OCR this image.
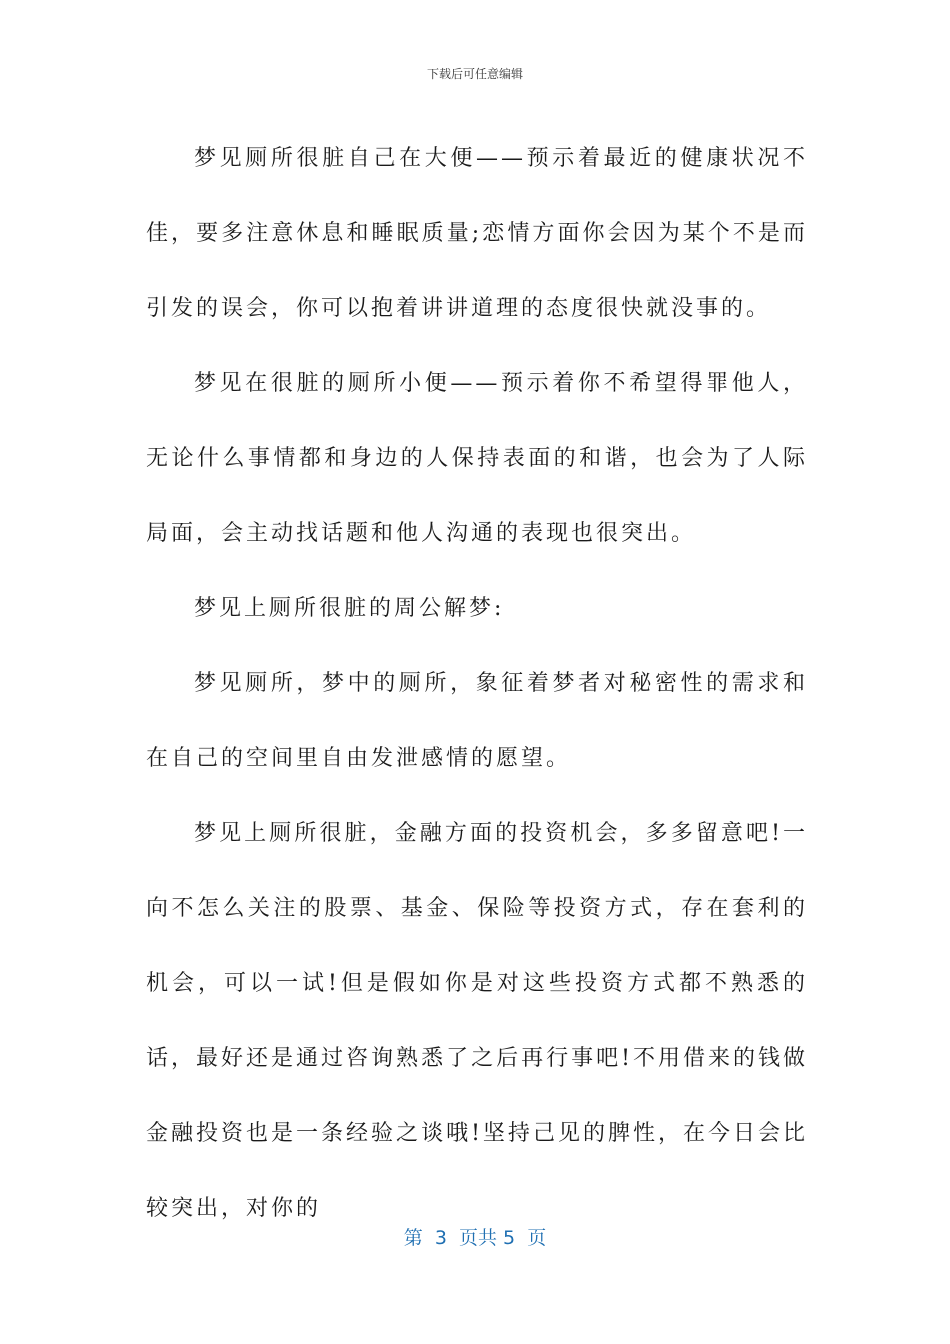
下载后可任意编辑

梦见厕所很脏自己在大便——预示着最近的健康状况不佳，要多注意休息和睡眠质量;恋情方面你会因为某个不是而引发的误会，你可以抱着讲讲道理的态度很快就没事的。

梦见在很脏的厕所小便——预示着你不希望得罪他人，无论什么事情都和身边的人保持表面的和谐，也会为了人际局面，会主动找话题和他人沟通的表现也很突出。

梦见上厕所很脏的周公解梦:

梦见厕所，梦中的厕所，象征着梦者对秘密性的需求和在自己的空间里自由发泄感情的愿望。

梦见上厕所很脏，金融方面的投资机会，多多留意吧!一向不怎么关注的股票、基金、保险等投资方式，存在套利的机会，可以一试!但是假如你是对这些投资方式都不熟悉的话，最好还是通过咨询熟悉了之后再行事吧!不用借来的钱做金融投资也是一条经验之谈哦!坚持己见的脾性，在今日会比较突出，对你的

第  3  页共 5  页
